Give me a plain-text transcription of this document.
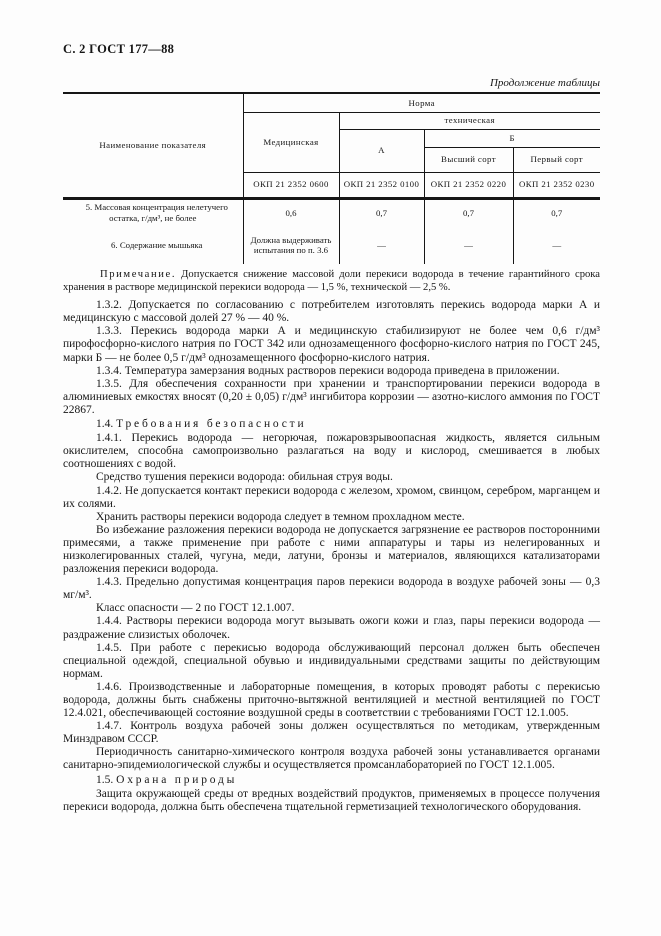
С. 2 ГОСТ 177—88
Продолжение таблицы
Наименование показателя	Норма			
	Медицинская	техническая		
		А	Б	
			Высший сорт	Первый сорт
	ОКП 21 2352 0600	ОКП 21 2352 0100	ОКП 21 2352 0220	ОКП 21 2352 0230
5. Массовая концентрация нелетучего остатка, г/дм³, не более	0,6	0,7	0,7	0,7
6. Содержание мышьяка	Должна выдерживать испытания по п. 3.6	—	—	—

Примечание. Допускается снижение массовой доли перекиси водорода в течение гарантийного срока хранения в растворе медицинской перекиси водорода — 1,5 %, технической — 2,5 %.

1.3.2. Допускается по согласованию с потребителем изготовлять перекись водорода марки А и медицинскую с массовой долей 27 % — 40 %.

1.3.3. Перекись водорода марки А и медицинскую стабилизируют не более чем 0,6 г/дм³ пирофосфорно-кислого натрия по ГОСТ 342 или однозамещенного фосфорно-кислого натрия по ГОСТ 245, марки Б — не более 0,5 г/дм³ однозамещенного фосфорно-кислого натрия.

1.3.4. Температура замерзания водных растворов перекиси водорода приведена в приложении.

1.3.5. Для обеспечения сохранности при хранении и транспортировании перекиси водорода в алюминиевых емкостях вносят (0,20 ± 0,05) г/дм³ ингибитора коррозии — азотно-кислого аммония по ГОСТ 22867.

1.4. Требования безопасности

1.4.1. Перекись водорода — негорючая, пожаровзрывоопасная жидкость, является сильным окислителем, способна самопроизвольно разлагаться на воду и кислород, смешивается в любых соотношениях с водой.

Средство тушения перекиси водорода: обильная струя воды.

1.4.2. Не допускается контакт перекиси водорода с железом, хромом, свинцом, серебром, марганцем и их солями.

Хранить растворы перекиси водорода следует в темном прохладном месте.

Во избежание разложения перекиси водорода не допускается загрязнение ее растворов посторонними примесями, а также применение при работе с ними аппаратуры и тары из нелегированных и низколегированных сталей, чугуна, меди, латуни, бронзы и материалов, являющихся катализаторами разложения перекиси водорода.

1.4.3. Предельно допустимая концентрация паров перекиси водорода в воздухе рабочей зоны — 0,3 мг/м³.

Класс опасности — 2 по ГОСТ 12.1.007.

1.4.4. Растворы перекиси водорода могут вызывать ожоги кожи и глаз, пары перекиси водорода — раздражение слизистых оболочек.

1.4.5. При работе с перекисью водорода обслуживающий персонал должен быть обеспечен специальной одеждой, специальной обувью и индивидуальными средствами защиты по действующим нормам.

1.4.6. Производственные и лабораторные помещения, в которых проводят работы с перекисью водорода, должны быть снабжены приточно-вытяжной вентиляцией и местной вентиляцией по ГОСТ 12.4.021, обеспечивающей состояние воздушной среды в соответствии с требованиями ГОСТ 12.1.005.

1.4.7. Контроль воздуха рабочей зоны должен осуществляться по методикам, утвержденным Минздравом СССР.

Периодичность санитарно-химического контроля воздуха рабочей зоны устанавливается органами санитарно-эпидемиологической службы и осуществляется промсанлабораторией по ГОСТ 12.1.005.

1.5. Охрана природы

Защита окружающей среды от вредных воздействий продуктов, применяемых в процессе получения перекиси водорода, должна быть обеспечена тщательной герметизацией технологического оборудования.
